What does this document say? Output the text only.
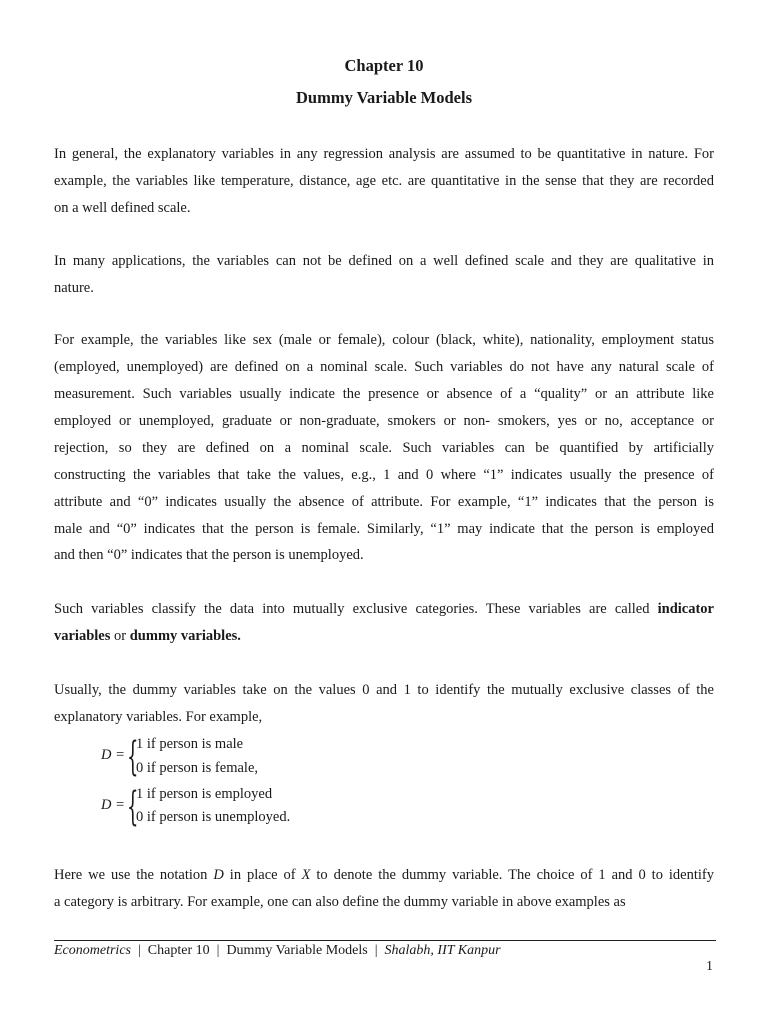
Chapter 10
Dummy Variable Models
In general, the explanatory variables in any regression analysis are assumed to be quantitative in nature. For
example, the variables like temperature, distance, age etc. are quantitative in the sense that they are recorded
on a well defined scale.
In many applications, the variables can not be defined on a well defined scale and they are qualitative in
nature.
For example, the variables like sex (male or female), colour (black, white), nationality, employment status
(employed, unemployed) are defined on a nominal scale. Such variables do not have any natural scale of
measurement. Such variables usually indicate the presence or absence of a “quality” or an attribute like
employed or unemployed, graduate or non-graduate, smokers or non- smokers, yes or no, acceptance or
rejection, so they are defined on a nominal scale. Such variables can be quantified by artificially
constructing the variables that take the values, e.g., 1 and 0 where “1” indicates usually the presence of
attribute and “0” indicates usually the absence of attribute. For example, “1” indicates that the person is
male and “0” indicates that the person is female. Similarly, “1” may indicate that the person is employed
and then “0” indicates that the person is unemployed.
Such variables classify the data into mutually exclusive categories. These variables are called indicator
variables or dummy variables.
Usually, the dummy variables take on the values 0 and 1 to identify the mutually exclusive classes of the
explanatory variables. For example,
D = {
1 if person is male
0 if person is female,
D = {
1 if person is employed
0 if person is unemployed.
Here we use the notation D in place of X to denote the dummy variable. The choice of 1 and 0 to identify
a category is arbitrary. For example, one can also define the dummy variable in above examples as
Econometrics  |  Chapter 10  |  Dummy Variable Models  |  Shalabh, IIT Kanpur
1
